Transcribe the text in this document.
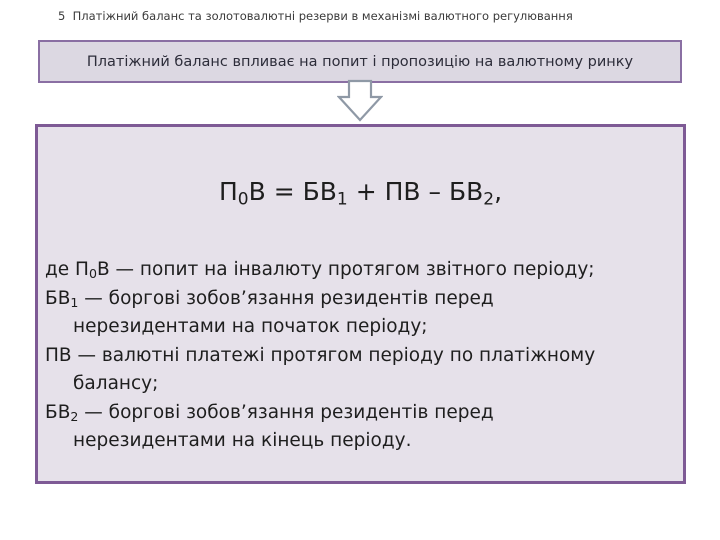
5 Платіжний баланс та золотовалютні резерви в механізмі валютного регулювання
Платіжний баланс впливає на попит і пропозицію на валютному ринку
$П_0В = БВ_1$ + ПВ – $БВ_2$,
де $П_0В$ — попит на інвалюту протягом звітного періоду;
$БВ_1$ — боргові зобов’язання резидентів перед
нерезидентами на початок періоду;
ПВ — валютні платежі протягом періоду по платіжному
балансу;
$БВ_2$ — боргові зобов’язання резидентів перед
нерезидентами на кінець періоду.
